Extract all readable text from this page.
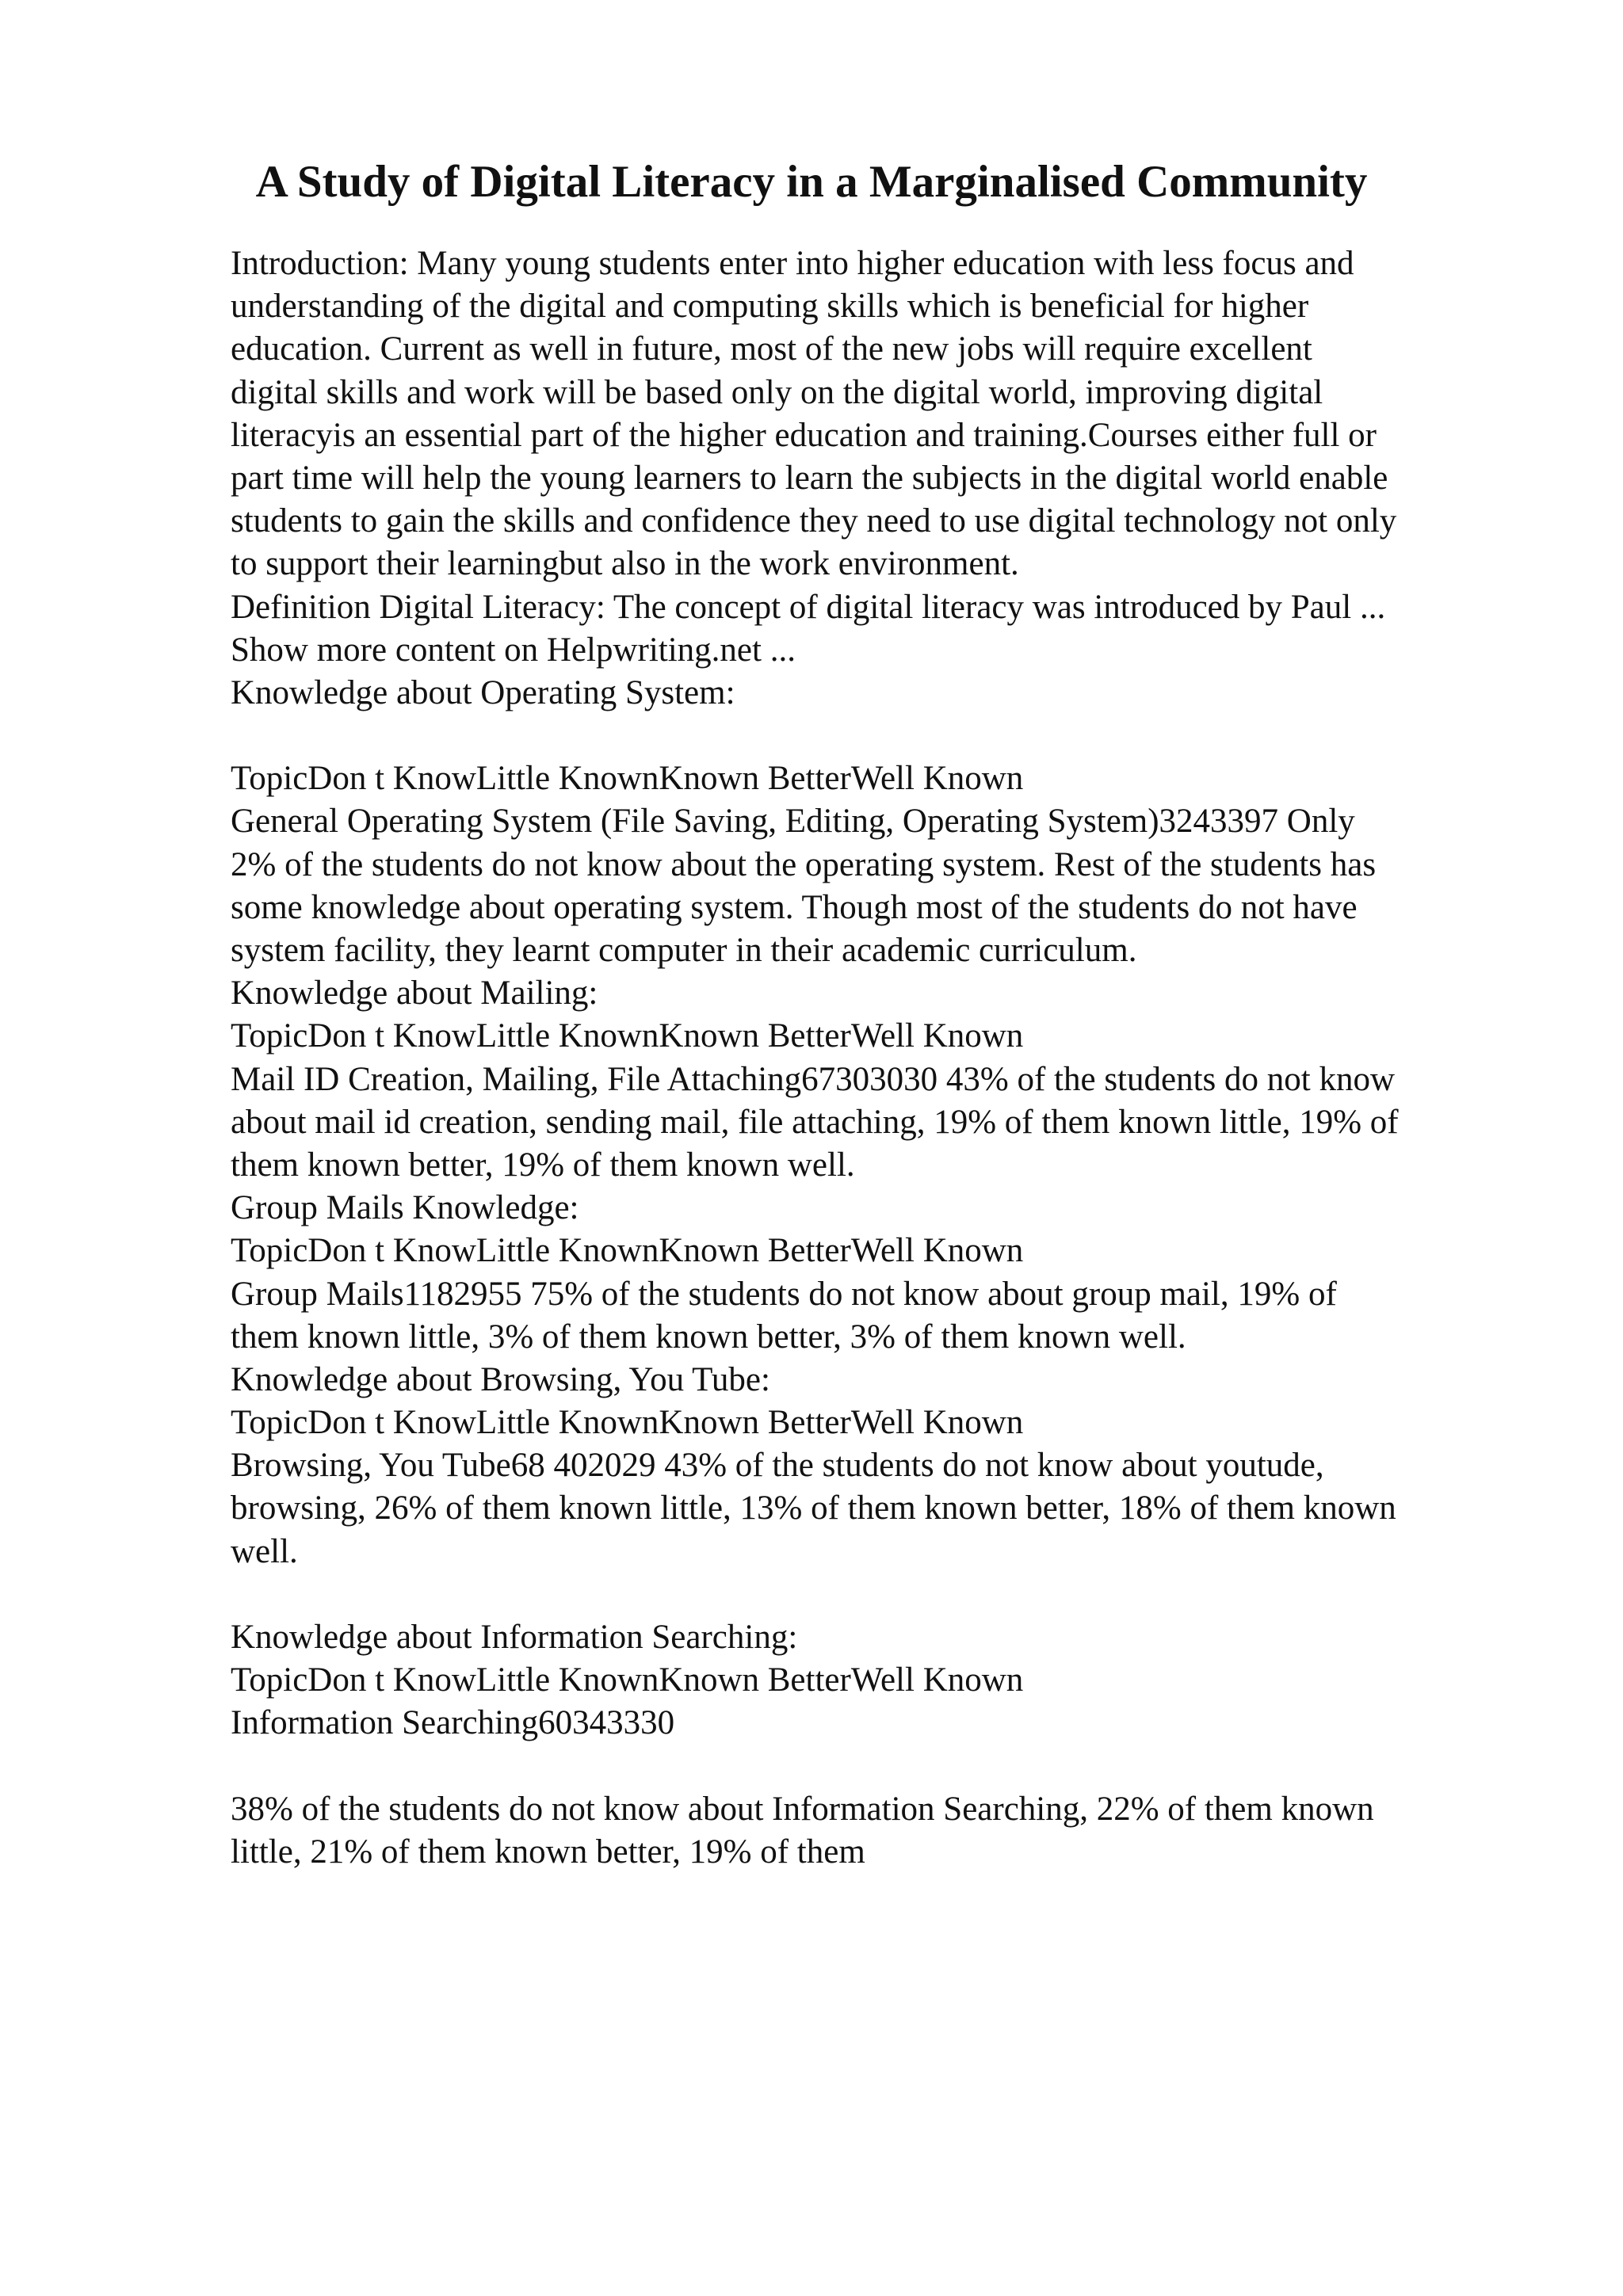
A Study of Digital Literacy in a Marginalised Community
Introduction: Many young students enter into higher education with less focus and
understanding of the digital and computing skills which is beneficial for higher
education. Current as well in future, most of the new jobs will require excellent
digital skills and work will be based only on the digital world, improving digital
literacyis an essential part of the higher education and training.Courses either full or
part time will help the young learners to learn the subjects in the digital world enable
students to gain the skills and confidence they need to use digital technology not only
to support their learningbut also in the work environment.
Definition Digital Literacy: The concept of digital literacy was introduced by Paul ...
Show more content on Helpwriting.net ...
Knowledge about Operating System:
TopicDon t KnowLittle KnownKnown BetterWell Known
General Operating System (File Saving, Editing, Operating System)3243397 Only
2% of the students do not know about the operating system. Rest of the students has
some knowledge about operating system. Though most of the students do not have
system facility, they learnt computer in their academic curriculum.
Knowledge about Mailing:
TopicDon t KnowLittle KnownKnown BetterWell Known
Mail ID Creation, Mailing, File Attaching67303030 43% of the students do not know
about mail id creation, sending mail, file attaching, 19% of them known little, 19% of
them known better, 19% of them known well.
Group Mails Knowledge:
TopicDon t KnowLittle KnownKnown BetterWell Known
Group Mails1182955 75% of the students do not know about group mail, 19% of
them known little, 3% of them known better, 3% of them known well.
Knowledge about Browsing, You Tube:
TopicDon t KnowLittle KnownKnown BetterWell Known
Browsing, You Tube68 402029 43% of the students do not know about youtude,
browsing, 26% of them known little, 13% of them known better, 18% of them known
well.
Knowledge about Information Searching:
TopicDon t KnowLittle KnownKnown BetterWell Known
Information Searching60343330
38% of the students do not know about Information Searching, 22% of them known
little, 21% of them known better, 19% of them
